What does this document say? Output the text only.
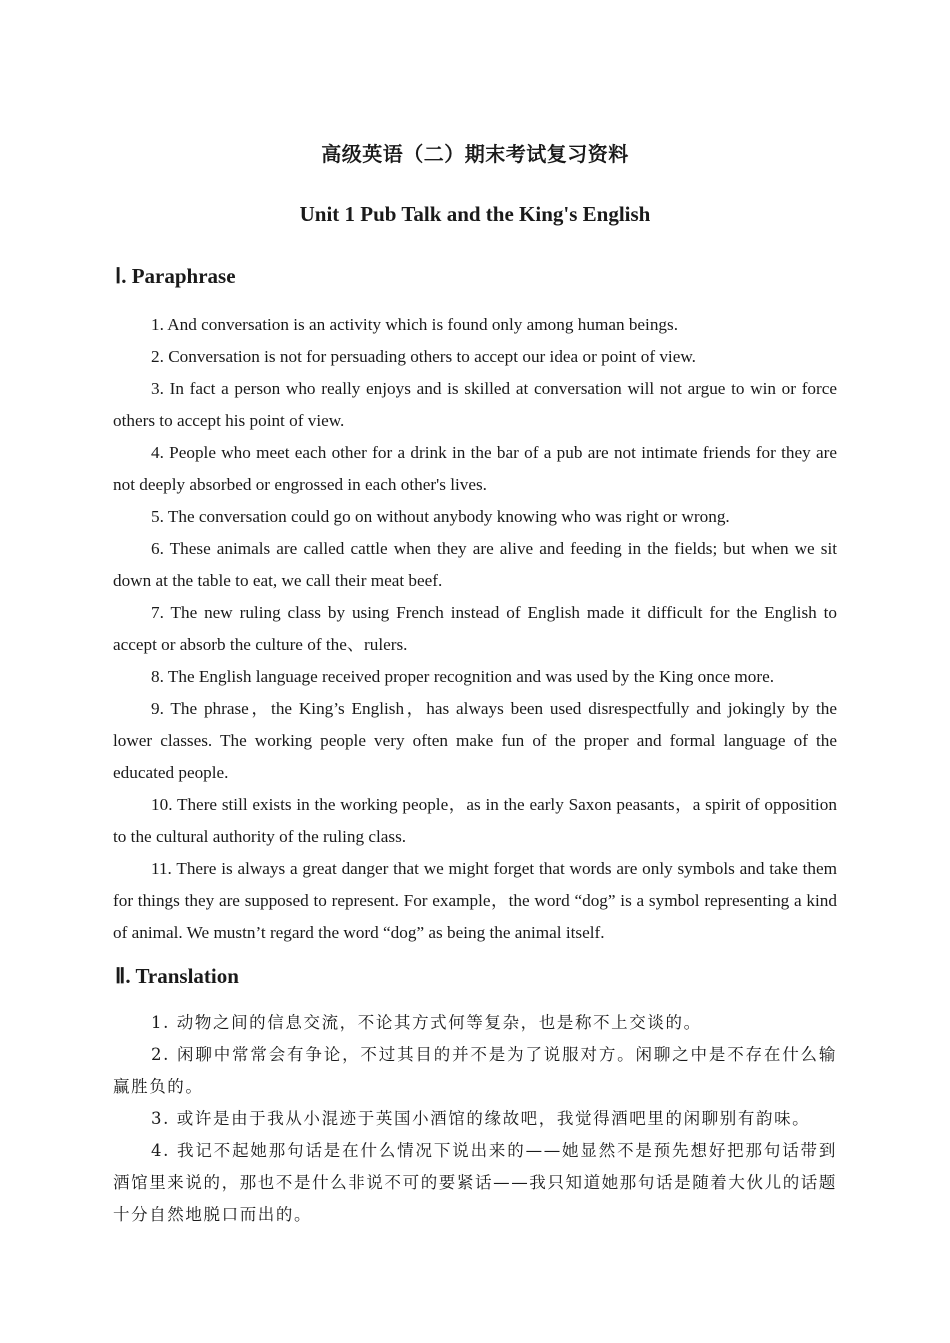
高级英语（二）期末考试复习资料
Unit 1 Pub Talk and the King's English
Ⅰ. Paraphrase

1. And conversation is an activity which is found only among human beings.

2. Conversation is not for persuading others to accept our idea or point of view.

3. In fact a person who really enjoys and is skilled at conversation will not argue to win or force others to accept his point of view.

4. People who meet each other for a drink in the bar of a pub are not intimate friends for they are not deeply absorbed or engrossed in each other's lives.

5. The conversation could go on without anybody knowing who was right or wrong.

6. These animals are called cattle when they are alive and feeding in the fields; but when we sit down at the table to eat, we call their meat beef.

7. The new ruling class by using French instead of English made it difficult for the English to accept or absorb the culture of the、rulers.

8. The English language received proper recognition and was used by the King once more.

9. The phrase，the King’s English，has always been used disrespectfully and jokingly by the lower classes. The working people very often make fun of the proper and formal language of the educated people.

10. There still exists in the working people，as in the early Saxon peasants，a spirit of opposition to the cultural authority of the ruling class.

11. There is always a great danger that we might forget that words are only symbols and take them for things they are supposed to represent. For example，the word “dog” is a symbol representing a kind of animal. We mustn’t regard the word “dog” as being the animal itself.

Ⅱ. Translation

1. 动物之间的信息交流，不论其方式何等复杂，也是称不上交谈的。

2. 闲聊中常常会有争论，不过其目的并不是为了说服对方。闲聊之中是不存在什么输赢胜负的。

3. 或许是由于我从小混迹于英国小酒馆的缘故吧，我觉得酒吧里的闲聊别有韵味。

4. 我记不起她那句话是在什么情况下说出来的——她显然不是预先想好把那句话带到酒馆里来说的，那也不是什么非说不可的要紧话——我只知道她那句话是随着大伙儿的话题十分自然地脱口而出的。
